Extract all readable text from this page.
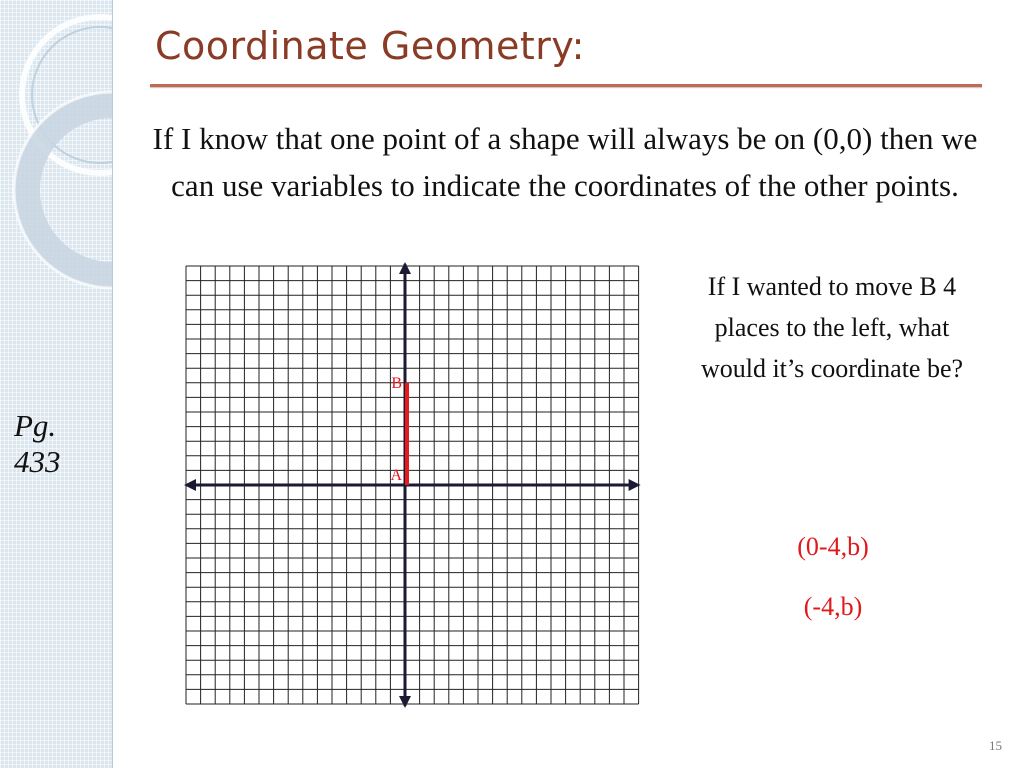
Coordinate Geometry:
If I know that one point of a shape will always be on (0,0) then we can use variables to indicate the coordinates of the other points.
Pg.
433
B
A
If I wanted to move B 4 places to the left, what would it’s coordinate be?
(0-4,b)
(-4,b)
15
